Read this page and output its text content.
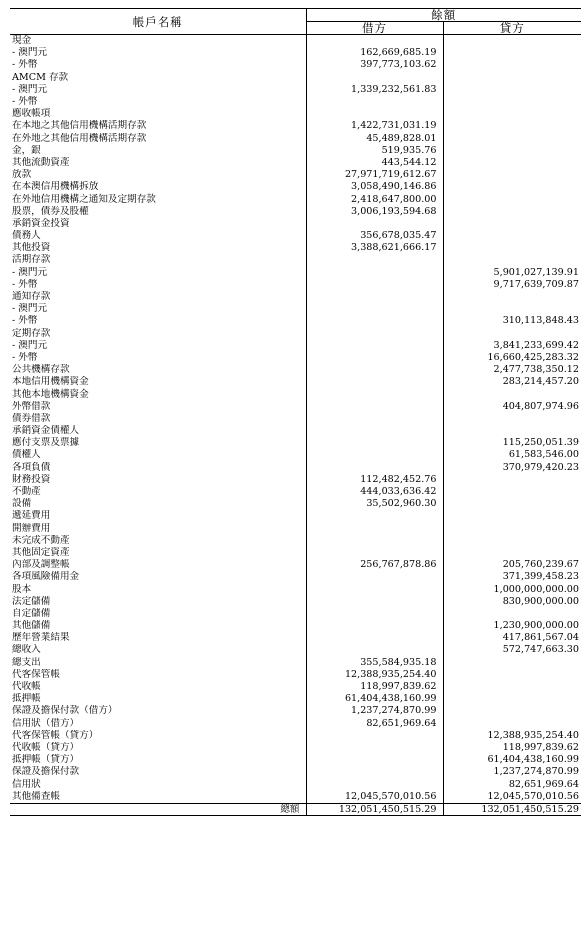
帳戶名稱	餘額	
	借方	貸方
現金		
- 澳門元	162,669,685.19	
- 外幣	397,773,103.62	
AMCM 存款		
- 澳門元	1,339,232,561.83	
- 外幣		
應收帳項		
在本地之其他信用機構活期存款	1,422,731,031.19	
在外地之其他信用機構活期存款	45,489,828.01	
金，銀	519,935.76	
其他流動資產	443,544.12	
放款	27,971,719,612.67	
在本澳信用機構拆放	3,058,490,146.86	
在外地信用機構之通知及定期存款	2,418,647,800.00	
股票，債券及股權	3,006,193,594.68	
承銷資金投資		
債務人	356,678,035.47	
其他投資	3,388,621,666.17	
活期存款		
- 澳門元		5,901,027,139.91
- 外幣		9,717,639,709.87
通知存款		
- 澳門元		
- 外幣		310,113,848.43
定期存款		
- 澳門元		3,841,233,699.42
- 外幣		16,660,425,283.32
公共機構存款		2,477,738,350.12
本地信用機構資金		283,214,457.20
其他本地機構資金		
外幣借款		404,807,974.96
債券借款		
承銷資金債權人		
應付支票及票據		115,250,051.39
債權人		61,583,546.00
各項負債		370,979,420.23
財務投資	112,482,452.76	
不動產	444,033,636.42	
設備	35,502,960.30	
遞延費用		
開辦費用		
未完成不動產		
其他固定資產		
內部及調整帳	256,767,878.86	205,760,239.67
各項風險備用金		371,399,458.23
股本		1,000,000,000.00
法定儲備		830,900,000.00
自定儲備		
其他儲備		1,230,900,000.00
歷年營業結果		417,861,567.04
總收入		572,747,663.30
總支出	355,584,935.18	
代客保管帳	12,388,935,254.40	
代收帳	118,997,839.62	
抵押帳	61,404,438,160.99	
保證及擔保付款（借方）	1,237,274,870.99	
信用狀（借方）	82,651,969.64	
代客保管帳（貸方）		12,388,935,254.40
代收帳（貸方）		118,997,839.62
抵押帳（貸方）		61,404,438,160.99
保證及擔保付款		1,237,274,870.99
信用狀		82,651,969.64
其他備查帳	12,045,570,010.56	12,045,570,010.56
總額	132,051,450,515.29	132,051,450,515.29
